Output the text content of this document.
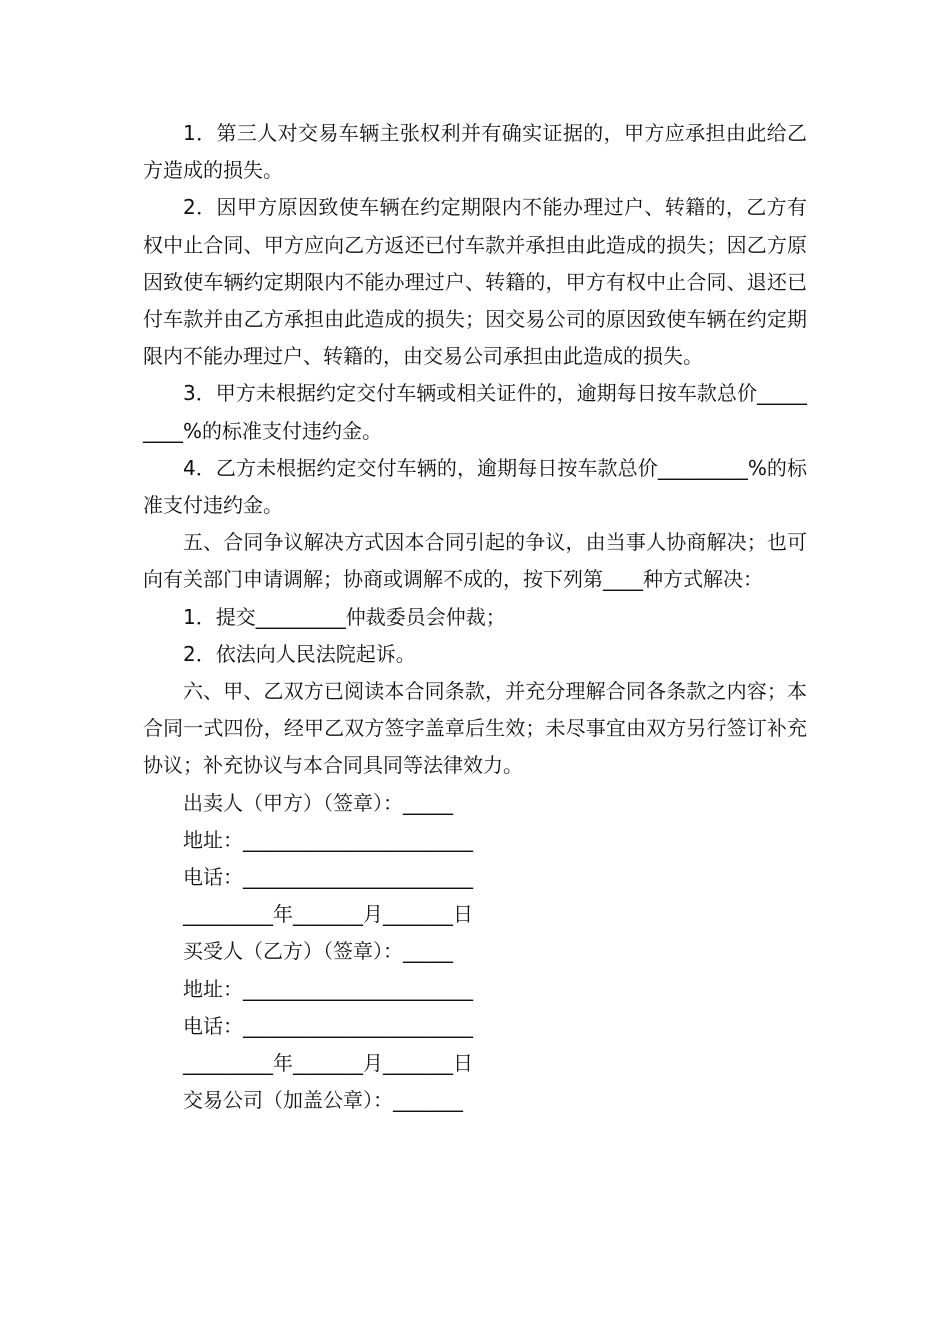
1．第三人对交易车辆主张权利并有确实证据的，甲方应承担由此给乙方造成的损失。

2．因甲方原因致使车辆在约定期限内不能办理过户、转籍的，乙方有权中止合同、甲方应向乙方返还已付车款并承担由此造成的损失；因乙方原因致使车辆约定期限内不能办理过户、转籍的，甲方有权中止合同、退还已付车款并由乙方承担由此造成的损失；因交易公司的原因致使车辆在约定期限内不能办理过户、转籍的，由交易公司承担由此造成的损失。

3．甲方未根据约定交付车辆或相关证件的，逾期每日按车款总价_________%的标准支付违约金。

4．乙方未根据约定交付车辆的，逾期每日按车款总价_________%的标准支付违约金。

五、合同争议解决方式因本合同引起的争议，由当事人协商解决；也可向有关部门申请调解；协商或调解不成的，按下列第____种方式解决：

1．提交_________仲裁委员会仲裁；

2．依法向人民法院起诉。

六、甲、乙双方已阅读本合同条款，并充分理解合同各条款之内容；本合同一式四份，经甲乙双方签字盖章后生效；未尽事宜由双方另行签订补充协议；补充协议与本合同具同等法律效力。

出卖人（甲方）（签章）：_____

地址：_______________________

电话：_______________________

_________年_______月_______日

买受人（乙方）（签章）：_____

地址：_______________________

电话：_______________________

_________年_______月_______日

交易公司（加盖公章）：_______
